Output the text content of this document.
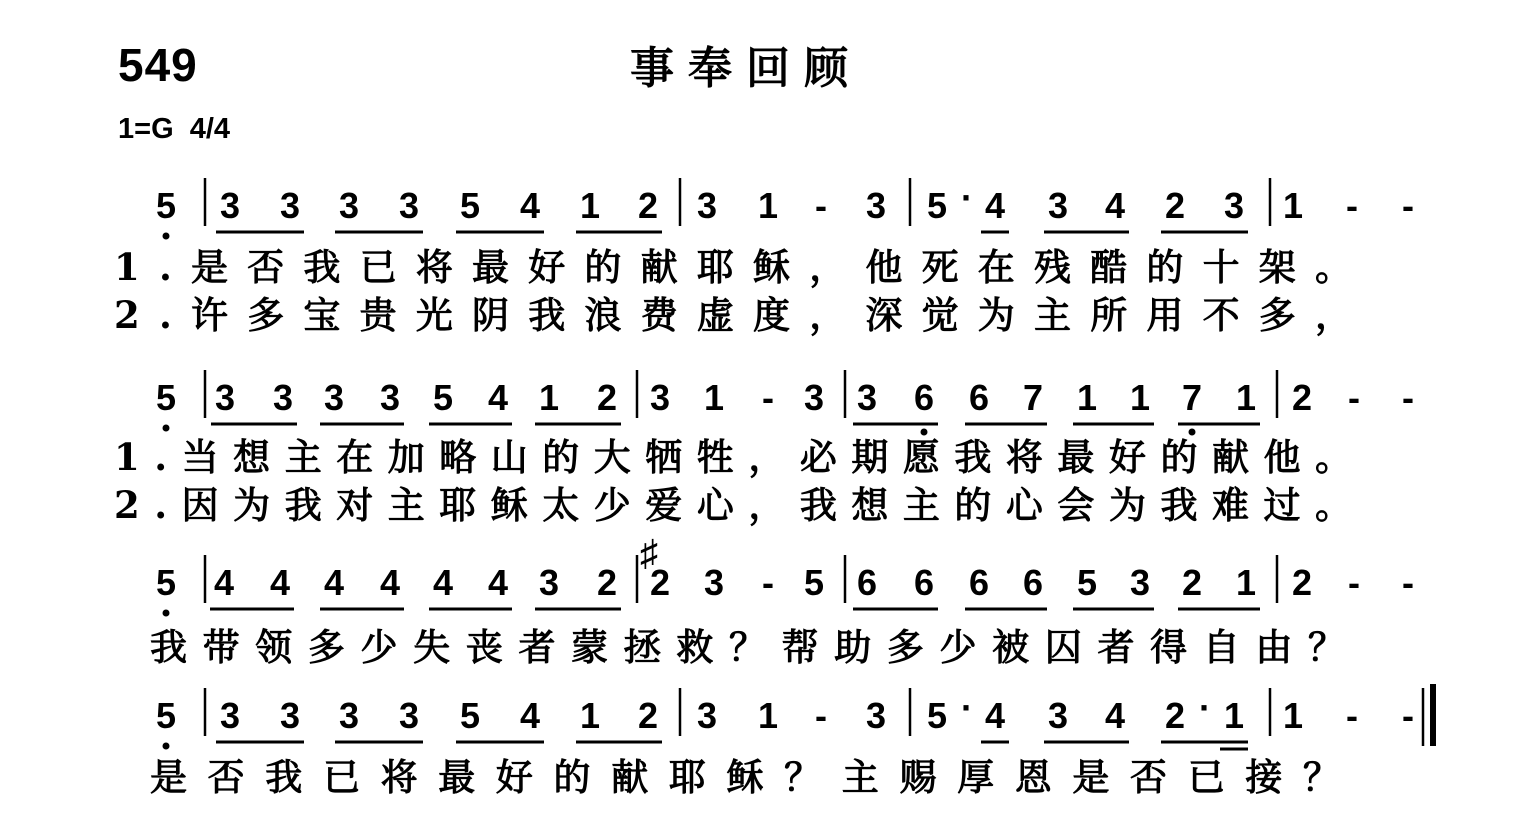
549	事奉回顾
1=G  4/4
5 3 3 3 3 5 4 1 2 3 1 - 3 5 · 4 3 4 2 3 1 - -
1.是否我已将最好的献耶稣，他死在残酷的十架。
2.许多宝贵光阴我浪费虚度，深觉为主所用不多，
5 3 3 3 3 5 4 1 2 3 1 - 3 3 6 6 7 1 1 7 1 2 - -
1.当想主在加略山的大牺牲，必期愿我将最好的献他。
2.因为我对主耶稣太少爱心，我想主的心会为我难过。
5 4 4 4 4 4 4 3 2 2 3 - 5 6 6 6 6 5 3 2 1 2 - -
♯
我带领多少失丧者蒙拯救？帮助多少被囚者得自由？
5 3 3 3 3 5 4 1 2 3 1 - 3 5 · 4 3 4 2 · 1 1 - -
是否我已将最好的献耶稣？主赐厚恩是否已接？
